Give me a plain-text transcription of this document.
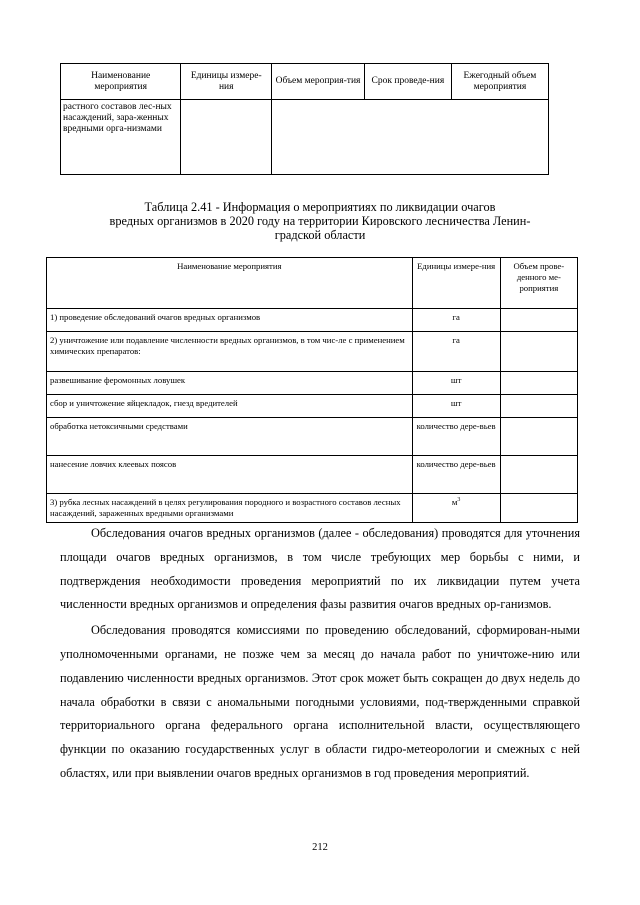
Наименование мероприятия	Единицы измере-ния	Объем мероприя-тия	Срок проведе-ния	Ежегодный объем мероприятия
растного составов лес-ных насаждений, зара-женных вредными орга-низмами				
Таблица 2.41 - Информация о мероприятиях по ликвидации очагов
вредных организмов в 2020 году на территории Кировского лесничества Ленин-
градской области
Наименование мероприятия	Единицы измере-ния	Объем прове-денного ме-роприятия
1) проведение обследований очагов вредных организмов	га	
2) уничтожение или подавление численности вредных организмов, в том чис-ле с применением химических препаратов:	га	
развешивание феромонных ловушек	шт	
сбор и уничтожение яйцекладок, гнезд вредителей	шт	
обработка нетоксичными средствами	количество дере-вьев	
нанесение ловчих клеевых поясов	количество дере-вьев	
3) рубка лесных насаждений в целях регулирования породного и возрастного составов лесных насаждений, зараженных вредными организмами	$м^3$	

Обследования очагов вредных организмов (далее - обследования) проводятся для уточнения площади очагов вредных организмов, в том числе требующих мер борьбы с ними, и подтверждения необходимости проведения мероприятий по их ликвидации путем учета численности вредных организмов и определения фазы развития очагов вредных ор-ганизмов.

Обследования проводятся комиссиями по проведению обследований, сформирован-ными уполномоченными органами, не позже чем за месяц до начала работ по уничтоже-нию или подавлению численности вредных организмов. Этот срок может быть сокращен до двух недель до начала обработки в связи с аномальными погодными условиями, под-твержденными справкой территориального органа федерального органа исполнительной власти, осуществляющего функции по оказанию государственных услуг в области гидро-метеорологии и смежных с ней областях, или при выявлении очагов вредных организмов в год проведения мероприятий.

212
